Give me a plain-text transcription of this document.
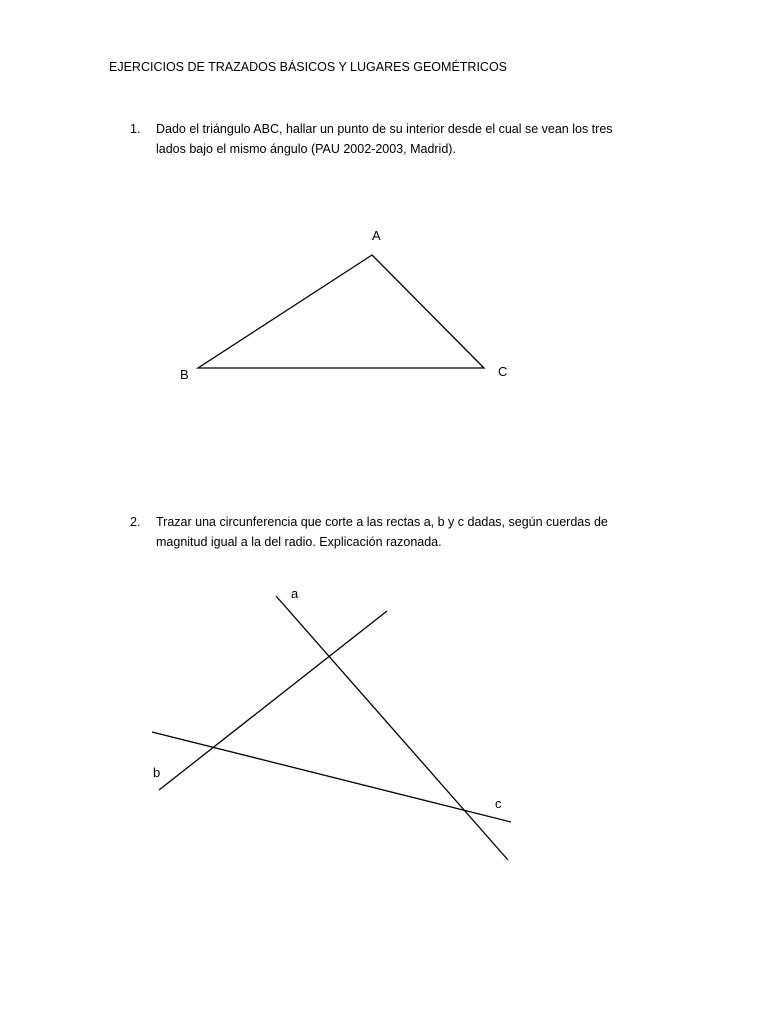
EJERCICIOS DE TRAZADOS BÁSICOS Y LUGARES GEOMÉTRICOS
1. Dado el triángulo ABC, hallar un punto de su interior desde el cual se vean los tres
lados bajo el mismo ángulo (PAU 2002-2003, Madrid).
2. Trazar una circunferencia que corte a las rectas a, b y c dadas, según cuerdas de
magnitud igual a la del radio. Explicación razonada.
A
B	C
a
b
c
